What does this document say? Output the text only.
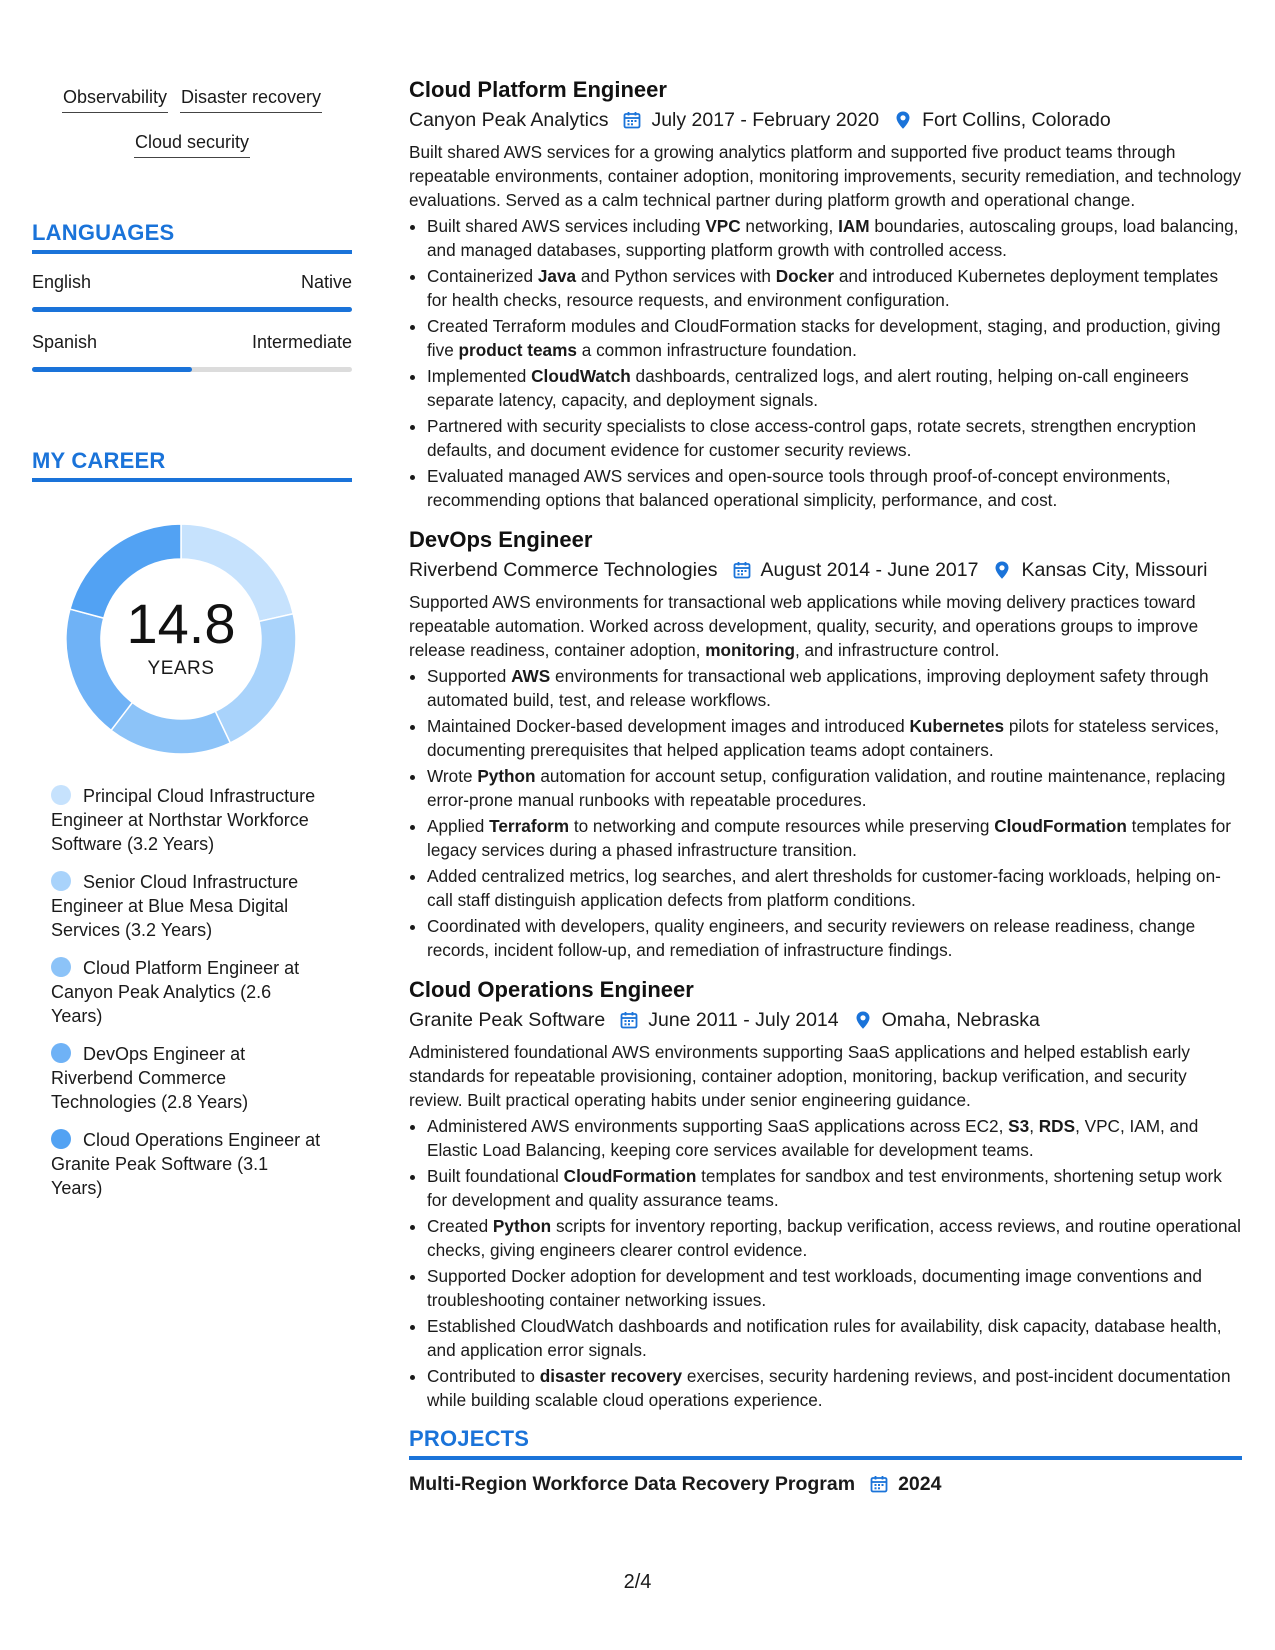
Observability Disaster recovery
Cloud security
LANGUAGES
English	Native
Spanish	Intermediate
MY CAREER
14.8
YEARS
Principal Cloud Infrastructure Engineer at Northstar Workforce Software (3.2 Years)
Senior Cloud Infrastructure Engineer at Blue Mesa Digital Services (3.2 Years)
Cloud Platform Engineer at Canyon Peak Analytics (2.6 Years)
DevOps Engineer at Riverbend Commerce Technologies (2.8 Years)
Cloud Operations Engineer at Granite Peak Software (3.1 Years)
Cloud Platform Engineer
Canyon Peak Analytics July 2017 - February 2020 Fort Collins, Colorado
Built shared AWS services for a growing analytics platform and supported five product teams through repeatable environments, container adoption, monitoring improvements, security remediation, and technology evaluations. Served as a calm technical partner during platform growth and operational change.
• Built shared AWS services including VPC networking, IAM boundaries, autoscaling groups, load balancing, and managed databases, supporting platform growth with controlled access.
• Containerized Java and Python services with Docker and introduced Kubernetes deployment templates for health checks, resource requests, and environment configuration.
• Created Terraform modules and CloudFormation stacks for development, staging, and production, giving five product teams a common infrastructure foundation.
• Implemented CloudWatch dashboards, centralized logs, and alert routing, helping on-call engineers separate latency, capacity, and deployment signals.
• Partnered with security specialists to close access-control gaps, rotate secrets, strengthen encryption defaults, and document evidence for customer security reviews.
• Evaluated managed AWS services and open-source tools through proof-of-concept environments, recommending options that balanced operational simplicity, performance, and cost.
DevOps Engineer
Riverbend Commerce Technologies August 2014 - June 2017 Kansas City, Missouri
Supported AWS environments for transactional web applications while moving delivery practices toward repeatable automation. Worked across development, quality, security, and operations groups to improve release readiness, container adoption, monitoring, and infrastructure control.
• Supported AWS environments for transactional web applications, improving deployment safety through automated build, test, and release workflows.
• Maintained Docker-based development images and introduced Kubernetes pilots for stateless services, documenting prerequisites that helped application teams adopt containers.
• Wrote Python automation for account setup, configuration validation, and routine maintenance, replacing error-prone manual runbooks with repeatable procedures.
• Applied Terraform to networking and compute resources while preserving CloudFormation templates for legacy services during a phased infrastructure transition.
• Added centralized metrics, log searches, and alert thresholds for customer-facing workloads, helping on-call staff distinguish application defects from platform conditions.
• Coordinated with developers, quality engineers, and security reviewers on release readiness, change records, incident follow-up, and remediation of infrastructure findings.
Cloud Operations Engineer
Granite Peak Software June 2011 - July 2014 Omaha, Nebraska
Administered foundational AWS environments supporting SaaS applications and helped establish early standards for repeatable provisioning, container adoption, monitoring, backup verification, and security review. Built practical operating habits under senior engineering guidance.
• Administered AWS environments supporting SaaS applications across EC2, S3, RDS, VPC, IAM, and Elastic Load Balancing, keeping core services available for development teams.
• Built foundational CloudFormation templates for sandbox and test environments, shortening setup work for development and quality assurance teams.
• Created Python scripts for inventory reporting, backup verification, access reviews, and routine operational checks, giving engineers clearer control evidence.
• Supported Docker adoption for development and test workloads, documenting image conventions and troubleshooting container networking issues.
• Established CloudWatch dashboards and notification rules for availability, disk capacity, database health, and application error signals.
• Contributed to disaster recovery exercises, security hardening reviews, and post-incident documentation while building scalable cloud operations experience.
PROJECTS
Multi-Region Workforce Data Recovery Program 2024
2/4
